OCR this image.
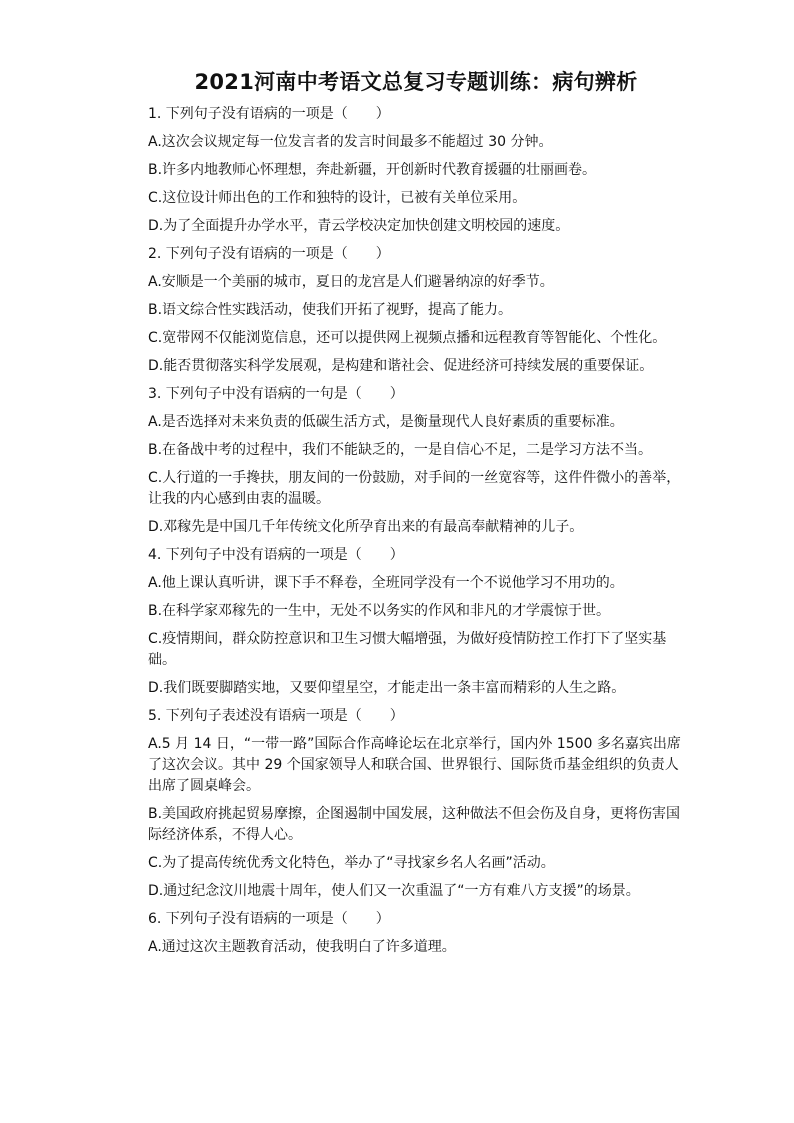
2021河南中考语文总复习专题训练：病句辨析

1. 下列句子没有语病的一项是（　　）

A.这次会议规定每一位发言者的发言时间最多不能超过 30 分钟。

B.许多内地教师心怀理想，奔赴新疆，开创新时代教育援疆的壮丽画卷。

C.这位设计师出色的工作和独特的设计，已被有关单位采用。

D.为了全面提升办学水平，青云学校决定加快创建文明校园的速度。

2. 下列句子没有语病的一项是（　　）

A.安顺是一个美丽的城市，夏日的龙宫是人们避暑纳凉的好季节。

B.语文综合性实践活动，使我们开拓了视野，提高了能力。

C.宽带网不仅能浏览信息，还可以提供网上视频点播和远程教育等智能化、个性化。

D.能否贯彻落实科学发展观，是构建和谐社会、促进经济可持续发展的重要保证。

3. 下列句子中没有语病的一句是（　　）

A.是否选择对未来负责的低碳生活方式，是衡量现代人良好素质的重要标准。

B.在备战中考的过程中，我们不能缺乏的，一是自信心不足，二是学习方法不当。

C.人行道的一手搀扶，朋友间的一份鼓励，对手间的一丝宽容等，这件件微小的善举，让我的内心感到由衷的温暖。

D.邓稼先是中国几千年传统文化所孕育出来的有最高奉献精神的儿子。

4. 下列句子中没有语病的一项是（　　）

A.他上课认真听讲，课下手不释卷，全班同学没有一个不说他学习不用功的。

B.在科学家邓稼先的一生中，无处不以务实的作风和非凡的才学震惊于世。

C.疫情期间，群众防控意识和卫生习惯大幅增强，为做好疫情防控工作打下了坚实基础。

D.我们既要脚踏实地，又要仰望星空，才能走出一条丰富而精彩的人生之路。

5. 下列句子表述没有语病一项是（　　）

A.5 月 14 日，“一带一路”国际合作高峰论坛在北京举行，国内外 1500 多名嘉宾出席了这次会议。其中 29 个国家领导人和联合国、世界银行、国际货币基金组织的负责人出席了圆桌峰会。

B.美国政府挑起贸易摩擦，企图遏制中国发展，这种做法不但会伤及自身，更将伤害国际经济体系，不得人心。

C.为了提高传统优秀文化特色，举办了“寻找家乡名人名画”活动。

D.通过纪念汶川地震十周年，使人们又一次重温了“一方有难八方支援”的场景。

6. 下列句子没有语病的一项是（　　）

A.通过这次主题教育活动，使我明白了许多道理。
